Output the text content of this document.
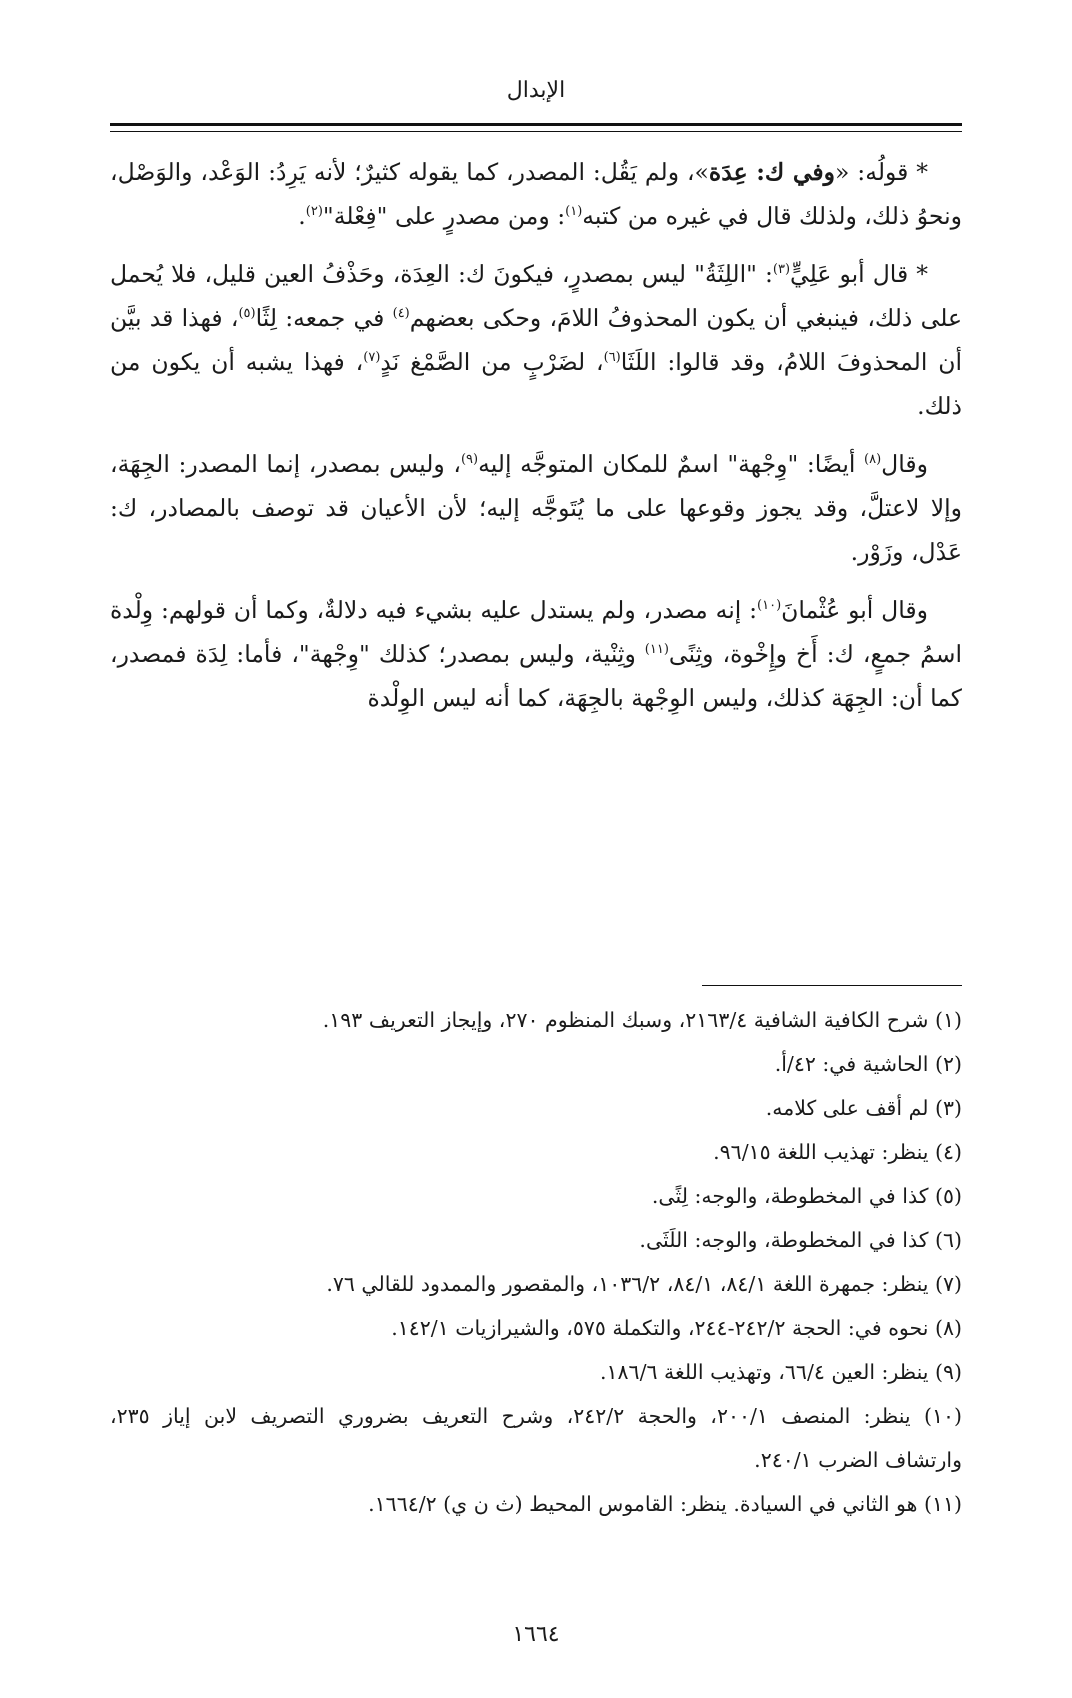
الإبدال

* قولُه: «وفي ك: عِدَة»، ولم يَقُل: المصدر، كما يقوله كثيرٌ؛ لأنه يَرِدُ: الوَعْد، والوَصْل، ونحوُ ذلك، ولذلك قال في غيره من كتبه$^{(١)}$: ومن مصدرٍ على "فِعْلة"$^{(٢)}$.

* قال أبو عَلِيٍّ$^{(٣)}$: "اللِثَةُ" ليس بمصدرٍ، فيكونَ ك: العِدَة، وحَذْفُ العين قليل، فلا يُحمل على ذلك، فينبغي أن يكون المحذوفُ اللامَ، وحكى بعضهم$^{(٤)}$ في جمعه: لِثًا$^{(٥)}$، فهذا قد بيَّن أن المحذوفَ اللامُ، وقد قالوا: اللَثَا$^{(٦)}$، لضَرْبٍ من الصَّمْغ نَدٍ$^{(٧)}$، فهذا يشبه أن يكون من ذلك.

وقال$^{(٨)}$ أيضًا: "وِجْهة" اسمٌ للمكان المتوجَّه إليه$^{(٩)}$، وليس بمصدر، إنما المصدر: الجِهَة، وإلا لاعتلَّ، وقد يجوز وقوعها على ما يُتَوجَّه إليه؛ لأن الأعيان قد توصف بالمصادر، ك: عَدْل، وزَوْر.

وقال أبو عُثْمانَ$^{(١٠)}$: إنه مصدر، ولم يستدل عليه بشيء فيه دلالةٌ، وكما أن قولهم: وِلْدة اسمُ جمعٍ، ك: أَخ وإِخْوة، وثِنًى$^{(١١)}$ وثِنْية، وليس بمصدر؛ كذلك "وِجْهة"، فأما: لِدَة فمصدر، كما أن: الجِهَة كذلك، وليس الوِجْهة بالجِهَة، كما أنه ليس الوِلْدة

(١) شرح الكافية الشافية ٢١٦٣/٤، وسبك المنظوم ٢٧٠، وإيجاز التعريف ١٩٣.

(٢) الحاشية في: ٤٢/أ.

(٣) لم أقف على كلامه.

(٤) ينظر: تهذيب اللغة ٩٦/١٥.

(٥) كذا في المخطوطة، والوجه: لِثًى.

(٦) كذا في المخطوطة، والوجه: اللَثَى.

(٧) ينظر: جمهرة اللغة ٨٤/١، ٨٤/١، ١٠٣٦/٢، والمقصور والممدود للقالي ٧٦.

(٨) نحوه في: الحجة ٢٤٢/٢-٢٤٤، والتكملة ٥٧٥، والشيرازيات ١٤٢/١.

(٩) ينظر: العين ٦٦/٤، وتهذيب اللغة ١٨٦/٦.

(١٠) ينظر: المنصف ٢٠٠/١، والحجة ٢٤٢/٢، وشرح التعريف بضروري التصريف لابن إياز ٢٣٥، وارتشاف الضرب ٢٤٠/١.

(١١) هو الثاني في السيادة. ينظر: القاموس المحيط (ث ن ي) ١٦٦٤/٢.

١٦٦٤
